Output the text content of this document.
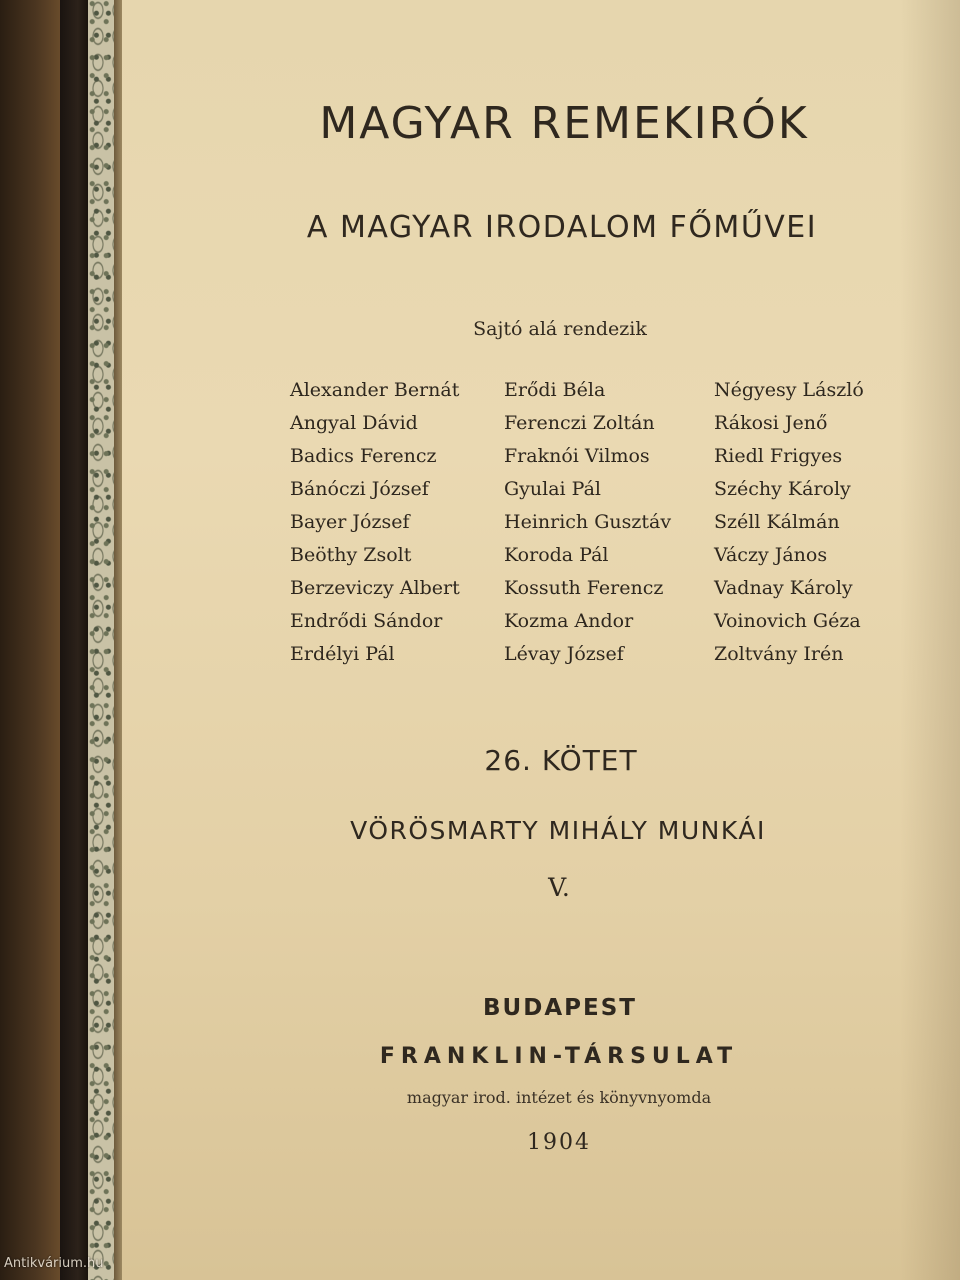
MAGYAR REMEKIRÓK
A MAGYAR IRODALOM FŐMŰVEI
Sajtó alá rendezik
Alexander Bernát
Angyal Dávid
Badics Ferencz
Bánóczi József
Bayer József
Beöthy Zsolt
Berzeviczy Albert
Endrődi Sándor
Erdélyi Pál
Erődi Béla
Ferenczi Zoltán
Fraknói Vilmos
Gyulai Pál
Heinrich Gusztáv
Koroda Pál
Kossuth Ferencz
Kozma Andor
Lévay József
Négyesy László
Rákosi Jenő
Riedl Frigyes
Széchy Károly
Széll Kálmán
Váczy János
Vadnay Károly
Voinovich Géza
Zoltvány Irén
26. KÖTET
VÖRÖSMARTY MIHÁLY MUNKÁI
V.
BUDAPEST
FRANKLIN-TÁRSULAT
magyar irod. intézet és könyvnyomda
1904
Antikvárium.hu
